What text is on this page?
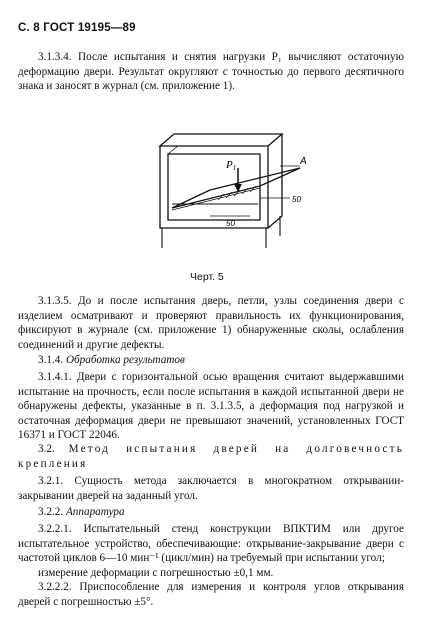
С. 8 ГОСТ 19195—89
3.1.3.4. После испытания и снятия нагрузки P₁ вычисляют остаточную деформацию двери. Результат округляют с точностью до первого десятичного знака и заносят в журнал (см. приложение 1).
P1
A
50
50
Черт. 5
3.1.3.5. До и после испытания дверь, петли, узлы соединения двери с изделием осматривают и проверяют правильность их функционирования, фиксируют в журнале (см. приложение 1) обнаруженные сколы, ослабления соединений и другие дефекты.
3.1.4. Обработка результатов
3.1.4.1. Двери с горизонтальной осью вращения считают выдержавшими испытание на прочность, если после испытания в каждой испытанной двери не обнаружены дефекты, указанные в п. 3.1.3.5, а деформация под нагрузкой и остаточная деформация двери не превышают значений, установленных ГОСТ 16371 и ГОСТ 22046.
3.2. Метод испытания дверей на долговечность крепления
3.2.1. Сущность метода заключается в многократном открывании- закрывании дверей на заданный угол.
3.2.2. Аппаратура
3.2.2.1. Испытательный стенд конструкции ВПКТИМ или другое испытательное устройство, обеспечивающие: открывание-закрывание двери с частотой циклов 6—10 мин⁻¹ (цикл/мин) на требуемый при испытании угол;
измерение деформации с погрешностью ±0,1 мм.
3.2.2.2. Приспособление для измерения и контроля углов открывания дверей с погрешностью ±5°.
